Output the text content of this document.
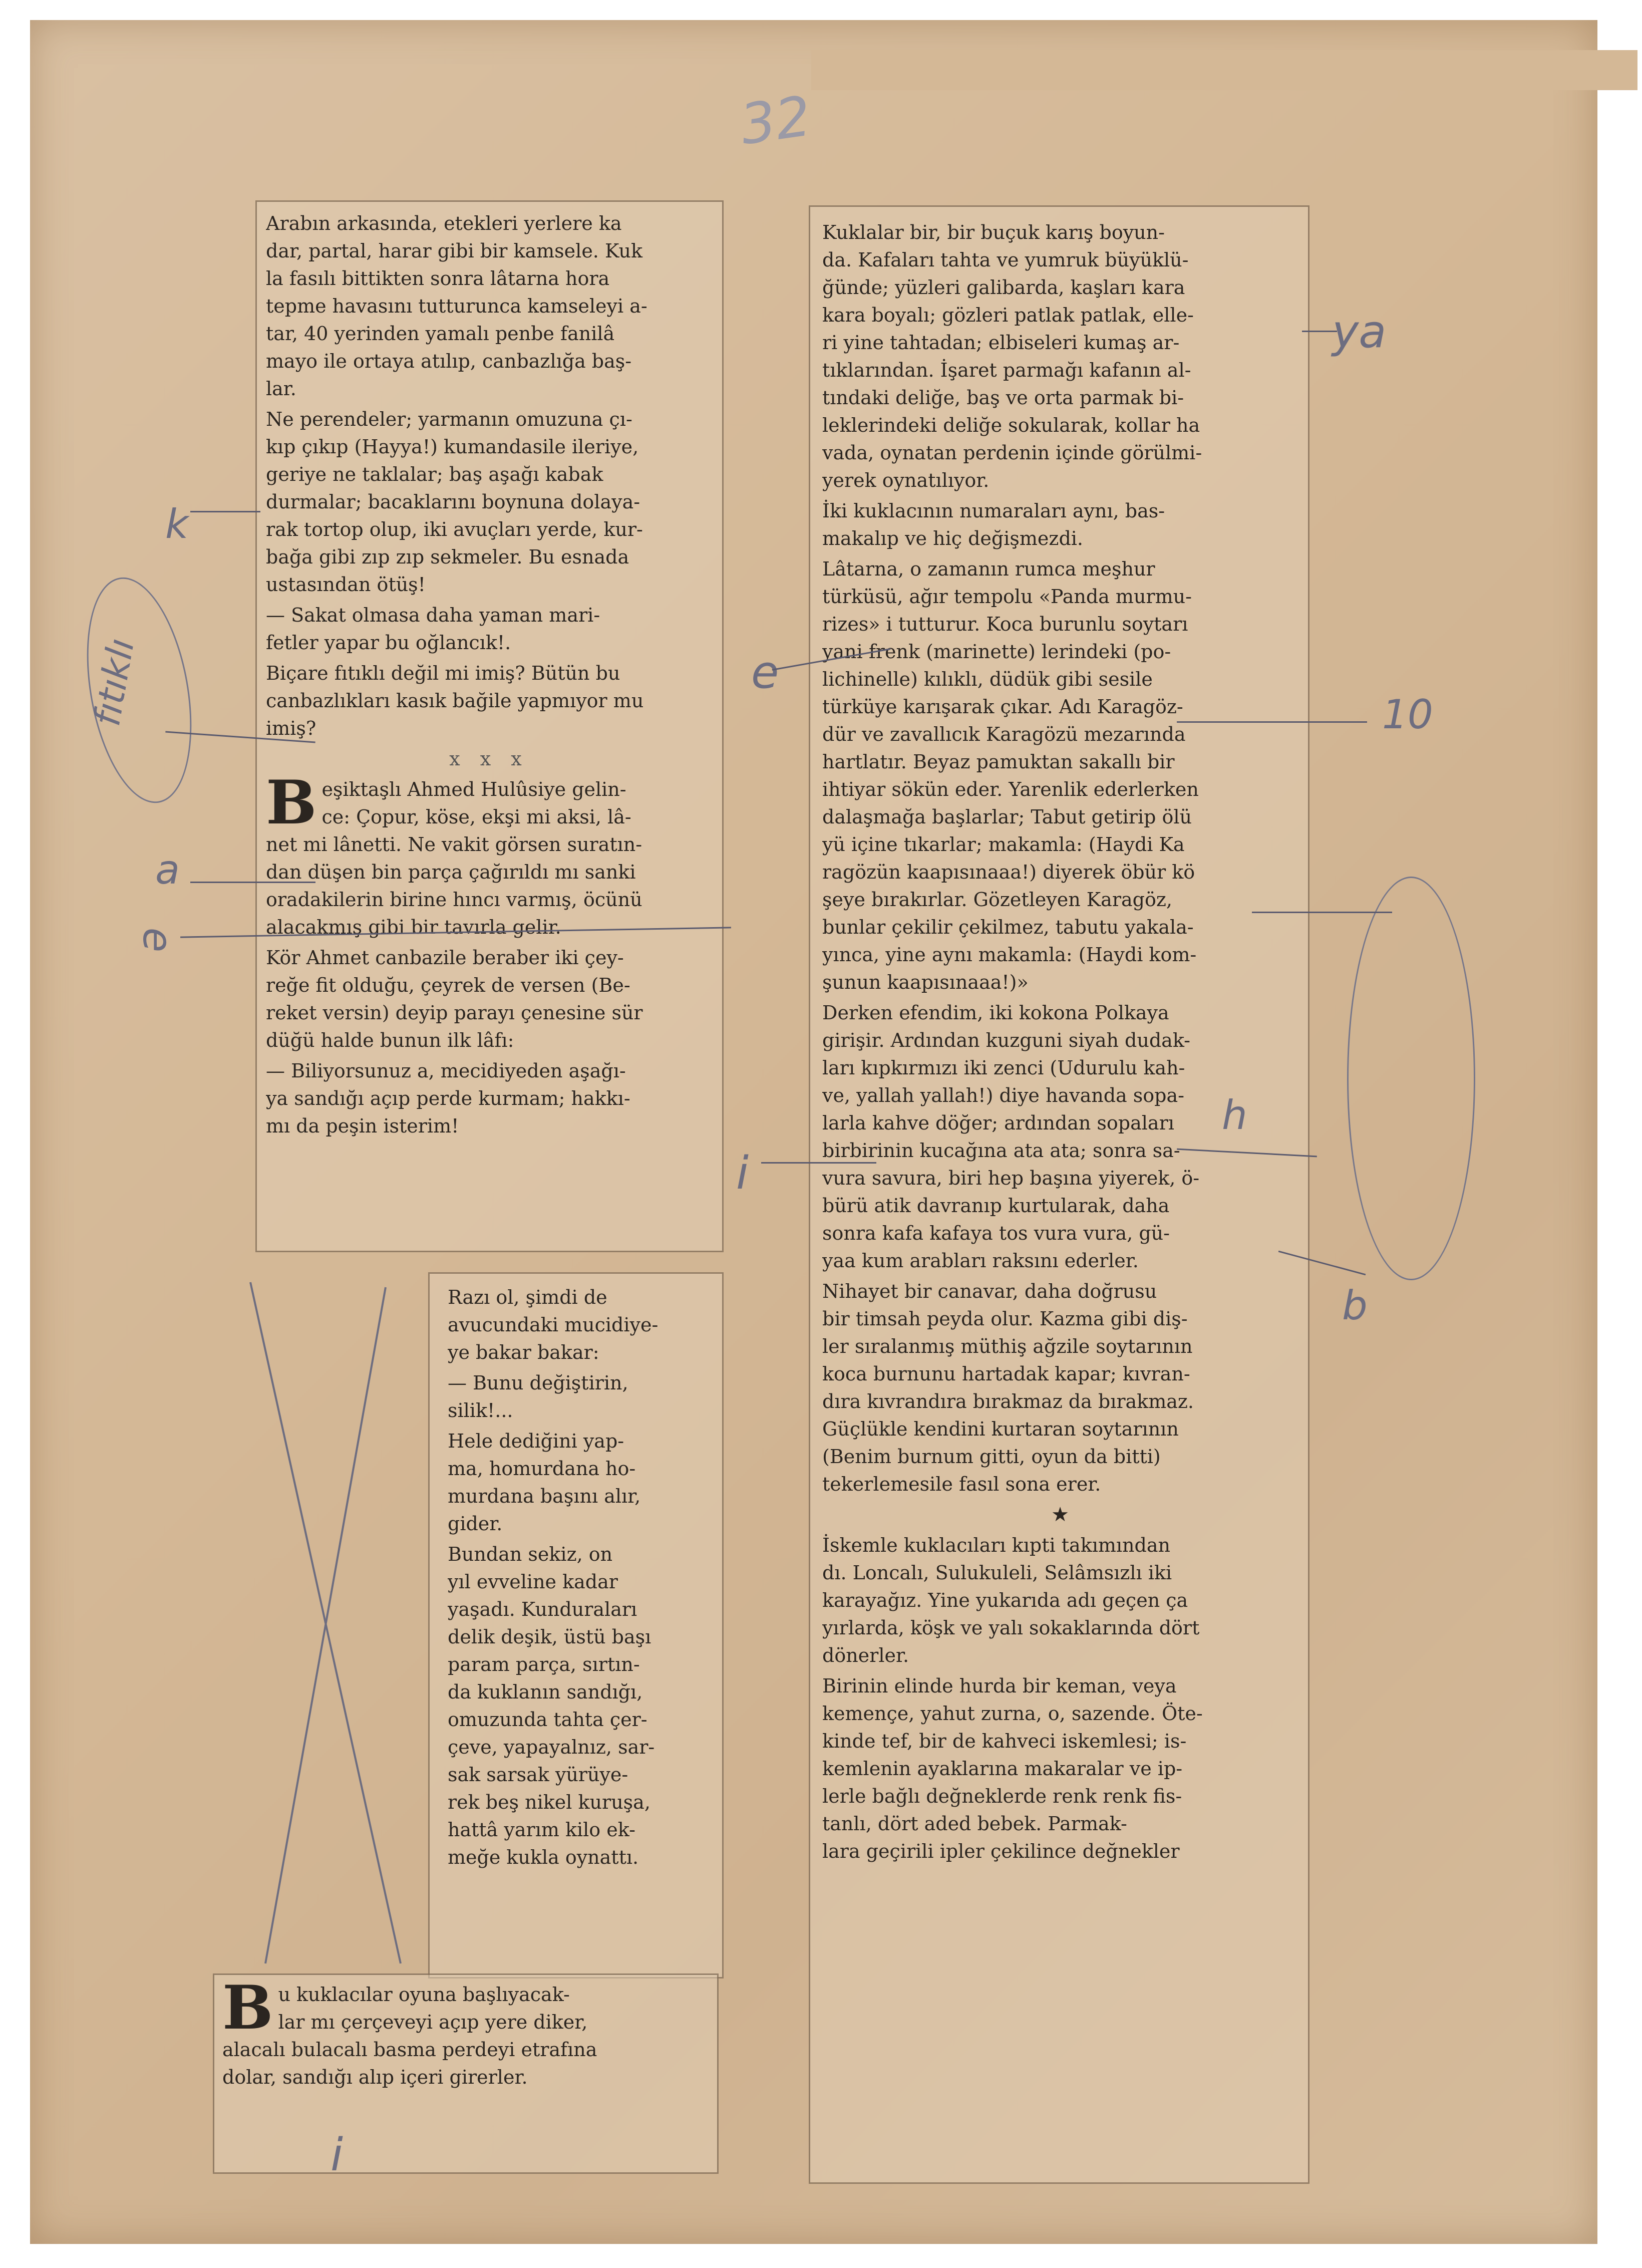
32

Arabın arkasında, etekleri yerlere ka
dar, partal, harar gibi bir kamsele. Kuk
la fasılı bittikten sonra lâtarna hora
tepme havasını tutturunca kamseleyi a-
tar, 40 yerinden yamalı penbe fanilâ
mayo ile ortaya atılıp, canbazlığa baş-
lar.

Ne perendeler; yarmanın omuzuna çı-
kıp çıkıp (Hayya!) kumandasile ileriye,
geriye ne taklalar; baş aşağı kabak
durmalar; bacaklarını boynuna dolaya-
rak tortop olup, iki avuçları yerde, kur-
bağa gibi zıp zıp sekmeler. Bu esnada
ustasından ötüş!

— Sakat olmasa daha yaman mari-
fetler yapar bu oğlancık!.

Biçare fıtıklı değil mi imiş? Bütün bu
canbazlıkları kasık bağile yapmıyor mu
imiş?

x x x
B eşiktaşlı Ahmed Hulûsiye gelin-
ce: Çopur, köse, ekşi mi aksi, lâ-
net mi lânetti. Ne vakit görsen suratın-
dan düşen bin parça çağırıldı mı sanki
oradakilerin birine hıncı varmış, öcünü
alacakmış gibi bir tavırla gelir.

Kör Ahmet canbazile beraber iki çey-
reğe fit olduğu, çeyrek de versen (Be-
reket versin) deyip parayı çenesine sür
düğü halde bunun ilk lâfı:

— Biliyorsunuz a, mecidiyeden aşağı-
ya sandığı açıp perde kurmam; hakkı-
mı da peşin isterim!

Kuklalar bir, bir buçuk karış boyun-
da. Kafaları tahta ve yumruk büyüklü-
ğünde; yüzleri galibarda, kaşları kara
kara boyalı; gözleri patlak patlak, elle-
ri yine tahtadan; elbiseleri kumaş ar-
tıklarından. İşaret parmağı kafanın al-
tındaki deliğe, baş ve orta parmak bi-
leklerindeki deliğe sokularak, kollar ha
vada, oynatan perdenin içinde görülmi-
yerek oynatılıyor.

İki kuklacının numaraları aynı, bas-
makalıp ve hiç değişmezdi.

Lâtarna, o zamanın rumca meşhur
türküsü, ağır tempolu «Panda murmu-
rizes» i tutturur. Koca burunlu soytarı
yani frenk (marinette) lerindeki (po-
lichinelle) kılıklı, düdük gibi sesile
türküye karışarak çıkar. Adı Karagöz-
dür ve zavallıcık Karagözü mezarında
hartlatır. Beyaz pamuktan sakallı bir
ihtiyar sökün eder. Yarenlik ederlerken
dalaşmağa başlarlar; Tabut getirip ölü
yü içine tıkarlar; makamla: (Haydi Ka
ragözün kaapısınaaa!) diyerek öbür kö
şeye bırakırlar. Gözetleyen Karagöz,
bunlar çekilir çekilmez, tabutu yakala-
yınca, yine aynı makamla: (Haydi kom-
şunun kaapısınaaa!)»

Derken efendim, iki kokona Polkaya
girişir. Ardından kuzguni siyah dudak-
ları kıpkırmızı iki zenci (Udurulu kah-
ve, yallah yallah!) diye havanda sopa-
larla kahve döğer; ardından sopaları
birbirinin kucağına ata ata; sonra sa-
vura savura, biri hep başına yiyerek, ö-
bürü atik davranıp kurtularak, daha
sonra kafa kafaya tos vura vura, gü-
yaa kum arabları raksını ederler.

Nihayet bir canavar, daha doğrusu
bir timsah peyda olur. Kazma gibi diş-
ler sıralanmış müthiş ağzile soytarının
koca burnunu hartadak kapar; kıvran-
dıra kıvrandıra bırakmaz da bırakmaz.
Güçlükle kendini kurtaran soytarının
(Benim burnum gitti, oyun da bitti)
tekerlemesile fasıl sona erer.

★

İskemle kuklacıları kıpti takımından
dı. Loncalı, Sulukuleli, Selâmsızlı iki
karayağız. Yine yukarıda adı geçen ça
yırlarda, köşk ve yalı sokaklarında dört
dönerler.

Birinin elinde hurda bir keman, veya
kemençe, yahut zurna, o, sazende. Öte-
kinde tef, bir de kahveci iskemlesi; is-
kemlenin ayaklarına makaralar ve ip-
lerle bağlı değneklerde renk renk fis-
tanlı, dört aded bebek. Parmak-
lara geçirili ipler çekilince değnekler

Razı ol, şimdi de
avucundaki mucidiye-
ye bakar bakar:

— Bunu değiştirin,
silik!...

Hele dediğini yap-
ma, homurdana ho-
murdana başını alır,
gider.

Bundan sekiz, on
yıl evveline kadar
yaşadı. Kunduraları
delik deşik, üstü başı
param parça, sırtın-
da kuklanın sandığı,
omuzunda tahta çer-
çeve, yapayalnız, sar-
sak sarsak yürüye-
rek beş nikel kuruşa,
hattâ yarım kilo ek-
meğe kukla oynattı.

B u kuklacılar oyuna başlıyacak-
lar mı çerçeveyi açıp yere diker,
alacalı bulacalı basma perdeyi etrafına
dolar, sandığı alıp içeri girerler.
k
fıtıklı
a
e
e
10
ya
h
i
b
i
